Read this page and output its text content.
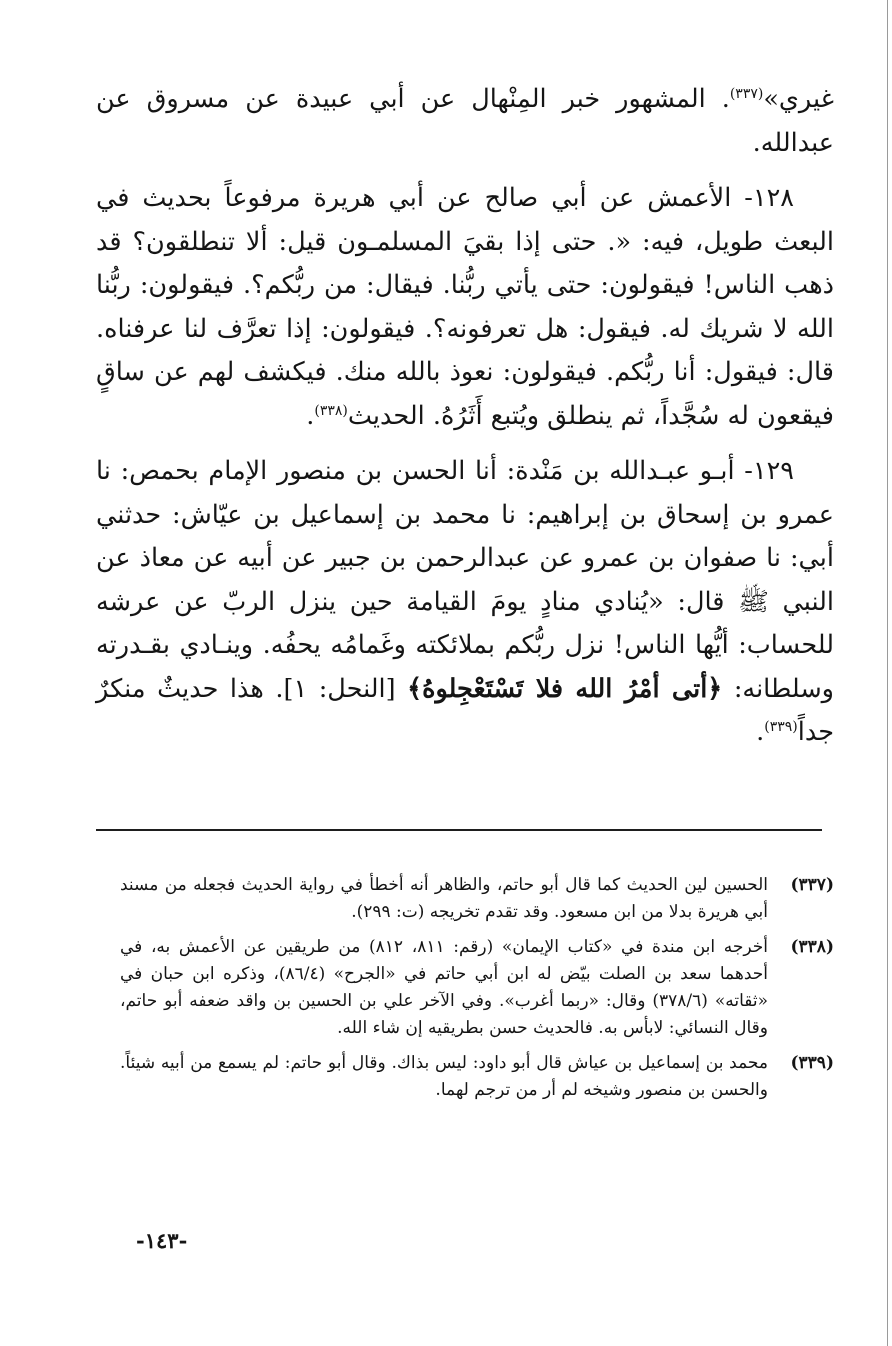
غيري»$^{(٣٣٧)}$. المشهور خبر المِنْهال عن أبي عبيدة عن مسروق عن عبدالله.

١٢٨- الأعمش عن أبي صالح عن أبي هريرة مرفوعاً بحديث في البعث طويل، فيه: «. حتى إذا بقيَ المسلمـون قيل: ألا تنطلقون؟ قد ذهب الناس! فيقولون: حتى يأتي ربُّنا. فيقال: من ربُّكم؟. فيقولون: ربُّنا الله لا شريك له. فيقول: هل تعرفونه؟. فيقولون: إذا تعرَّف لنا عرفناه. قال: فيقول: أنا ربُّكم. فيقولون: نعوذ بالله منك. فيكشف لهم عن ساقٍ فيقعون له سُجَّداً، ثم ينطلق ويُتبع أَثَرُهُ. الحديث$^{(٣٣٨)}$.

١٢٩- أبـو عبـدالله بن مَنْدة: أنا الحسن بن منصور الإمام بحمص: نا عمرو بن إسحاق بن إبراهيم: نا محمد بن إسماعيل بن عيّاش: حدثني أبي: نا صفوان بن عمرو عن عبدالرحمن بن جبير عن أبيه عن معاذ عن النبي ﷺ قال: «يُنادي منادٍ يومَ القيامة حين ينزل الربّ عن عرشه للحساب: أيُّها الناس! نزل ربُّكم بملائكته وغَمامُه يحفُه. وينـادي بقـدرته وسلطانه: ﴿أتى أمْرُ الله فلا تَسْتَعْجِلوهُ﴾ [النحل: ١]. هذا حديثٌ منكرٌ جداً$^{(٣٣٩)}$.

(٣٣٧)
الحسين لين الحديث كما قال أبو حاتم، والظاهر أنه أخطأ في رواية الحديث فجعله من مسند أبي هريرة بدلا من ابن مسعود. وقد تقدم تخريجه (ت: ٢٩٩).
(٣٣٨)
أخرجه ابن مندة في «كتاب الإيمان» (رقم: ٨١١، ٨١٢) من طريقين عن الأعمش به، في أحدهما سعد بن الصلت بيّض له ابن أبي حاتم في «الجرح» (٨٦/٤)، وذكره ابن حبان في «ثقاته» (٣٧٨/٦) وقال: «ربما أغرب». وفي الآخر علي بن الحسين بن واقد ضعفه أبو حاتم، وقال النسائي: لابأس به. فالحديث حسن بطريقيه إن شاء الله.
(٣٣٩)
محمد بن إسماعيل بن عياش قال أبو داود: ليس بذاك. وقال أبو حاتم: لم يسمع من أبيه شيئاً. والحسن بن منصور وشيخه لم أر من ترجم لهما.
-١٤٣-
